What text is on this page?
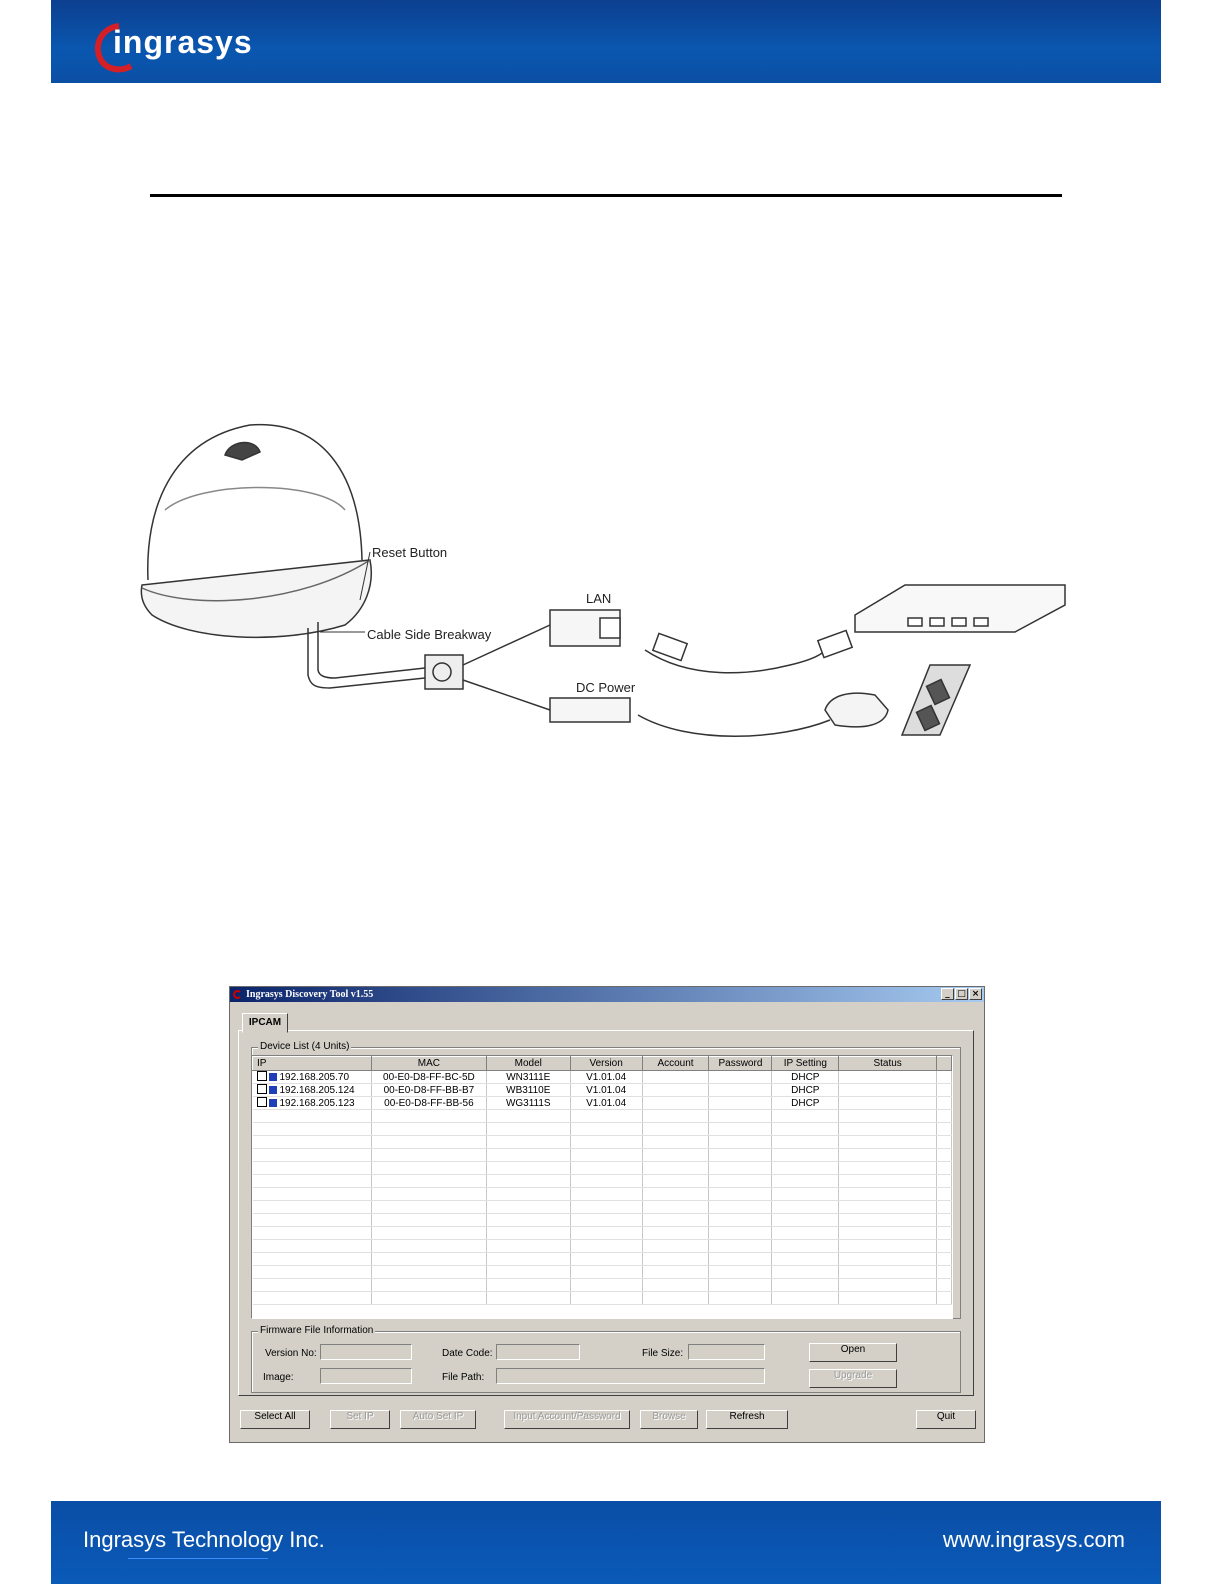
ingrasys
Reset Button
Cable Side Breakway
LAN
DC Power
Ingrasys Discovery Tool v1.55	_ □ ×
Device List (4 Units)
Firmware File Information
Version No:	Date Code:	File Size:	Open
Image:	File Path:	Upgrade
IPCAM
IP	MAC	Model	Version	Account	Password	IP Setting	Status	
192.168.205.70	00-E0-D8-FF-BC-5D	WN3111E	V1.01.04			DHCP		
192.168.205.124	00-E0-D8-FF-BB-B7	WB3110E	V1.01.04			DHCP		
192.168.205.123	00-E0-D8-FF-BB-56	WG3111S	V1.01.04			DHCP		

Select All	Set IP	Auto Set IP	Input Account/Password	Browse	Refresh	Quit
Ingrasys Technology Inc.	www.ingrasys.com
